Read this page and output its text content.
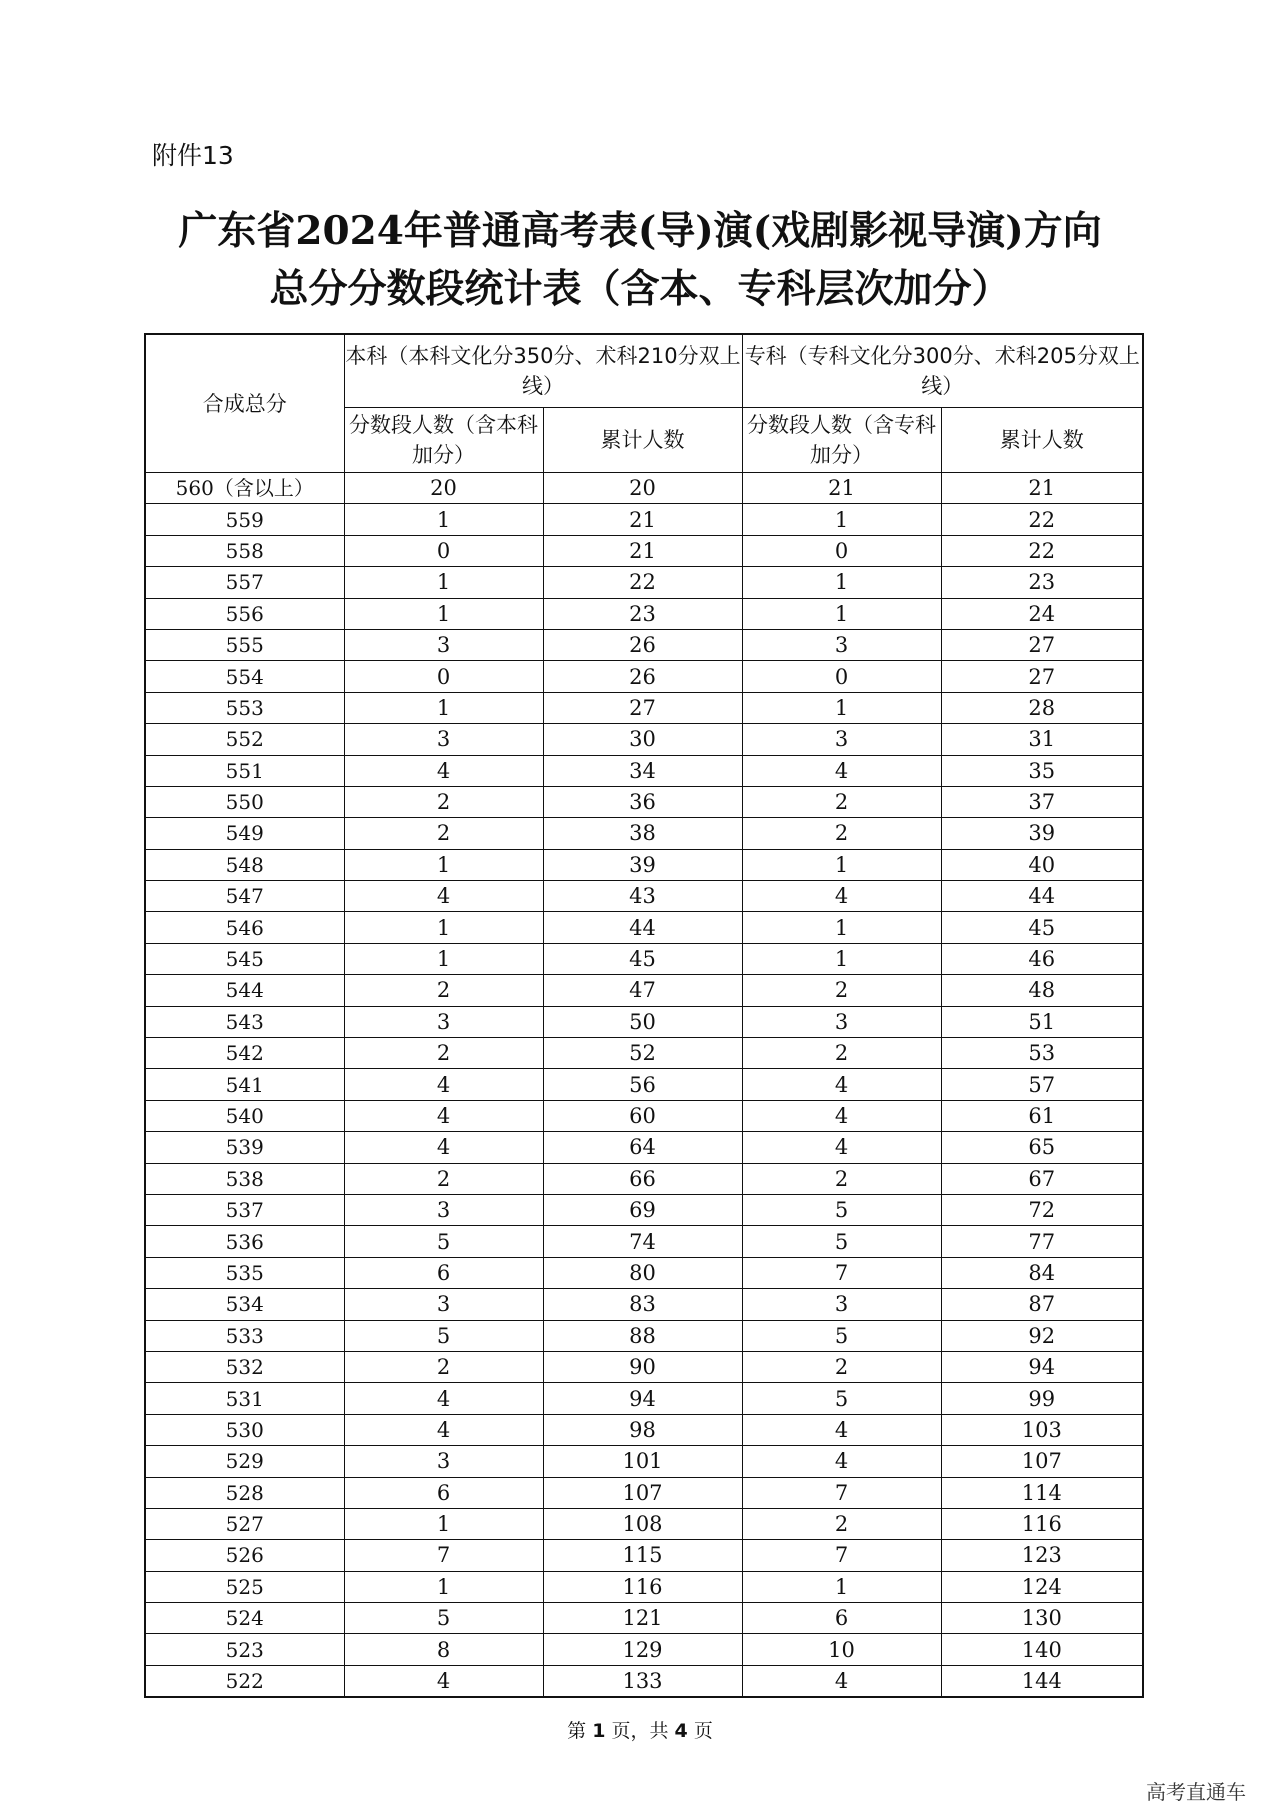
附件13
广东省2024年普通高考表(导)演(戏剧影视导演)方向
总分分数段统计表（含本、专科层次加分）
合成总分	本科（本科文化分350分、术科210分双上线）		专科（专科文化分300分、术科205分双上线）	
	分数段人数（含本科加分）	累计人数	分数段人数（含专科加分）	累计人数
560（含以上）	20	20	21	21
559	1	21	1	22
558	0	21	0	22
557	1	22	1	23
556	1	23	1	24
555	3	26	3	27
554	0	26	0	27
553	1	27	1	28
552	3	30	3	31
551	4	34	4	35
550	2	36	2	37
549	2	38	2	39
548	1	39	1	40
547	4	43	4	44
546	1	44	1	45
545	1	45	1	46
544	2	47	2	48
543	3	50	3	51
542	2	52	2	53
541	4	56	4	57
540	4	60	4	61
539	4	64	4	65
538	2	66	2	67
537	3	69	5	72
536	5	74	5	77
535	6	80	7	84
534	3	83	3	87
533	5	88	5	92
532	2	90	2	94
531	4	94	5	99
530	4	98	4	103
529	3	101	4	107
528	6	107	7	114
527	1	108	2	116
526	7	115	7	123
525	1	116	1	124
524	5	121	6	130
523	8	129	10	140
522	4	133	4	144
第 1 页，共 4 页
高考直通车
